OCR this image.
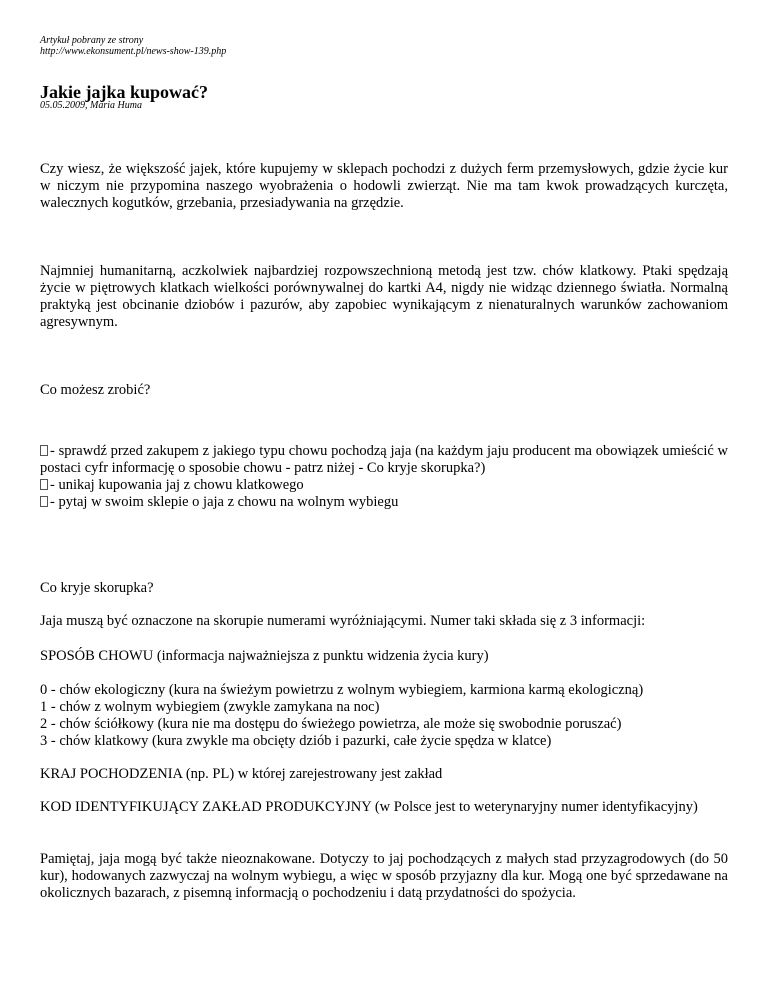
Artykuł pobrany ze strony
http://www.ekonsument.pl/news-show-139.php
Jakie jajka kupować?
05.05.2009, Maria Huma

Czy wiesz, że większość jajek, które kupujemy w sklepach pochodzi z dużych ferm przemysłowych, gdzie życie kur w niczym nie przypomina naszego wyobrażenia o hodowli zwierząt. Nie ma tam kwok prowadzących kurczęta, walecznych kogutków, grzebania, przesiadywania na grzędzie.

Najmniej humanitarną, aczkolwiek najbardziej rozpowszechnioną metodą jest tzw. chów klatkowy. Ptaki spędzają życie w piętrowych klatkach wielkości porównywalnej do kartki A4, nigdy nie widząc dziennego światła. Normalną praktyką jest obcinanie dziobów i pazurów, aby zapobiec wynikającym z nienaturalnych warunków zachowaniom agresywnym.

Co możesz zrobić?

- sprawdź przed zakupem z jakiego typu chowu pochodzą jaja (na każdym jaju producent ma obowiązek umieścić w postaci cyfr informację o sposobie chowu - patrz niżej - Co kryje skorupka?)
- unikaj kupowania jaj z chowu klatkowego
- pytaj w swoim sklepie o jaja z chowu na wolnym wybiegu

Co kryje skorupka?

Jaja muszą być oznaczone na skorupie numerami wyróżniającymi. Numer taki składa się z 3 informacji:

SPOSÓB CHOWU (informacja najważniejsza z punktu widzenia życia kury)

0 - chów ekologiczny (kura na świeżym powietrzu z wolnym wybiegiem, karmiona karmą ekologiczną)
1 - chów z wolnym wybiegiem (zwykle zamykana na noc)
2 - chów ściółkowy (kura nie ma dostępu do świeżego powietrza, ale może się swobodnie poruszać)
3 - chów klatkowy (kura zwykle ma obcięty dziób i pazurki, całe życie spędza w klatce)

KRAJ POCHODZENIA (np. PL) w której zarejestrowany jest zakład

KOD IDENTYFIKUJĄCY ZAKŁAD PRODUKCYJNY (w Polsce jest to weterynaryjny numer identyfikacyjny)

Pamiętaj, jaja mogą być także nieoznakowane. Dotyczy to jaj pochodzących z małych stad przyzagrodowych (do 50 kur), hodowanych zazwyczaj na wolnym wybiegu, a więc w sposób przyjazny dla kur. Mogą one być sprzedawane na okolicznych bazarach, z pisemną informacją o pochodzeniu i datą przydatności do spożycia.
